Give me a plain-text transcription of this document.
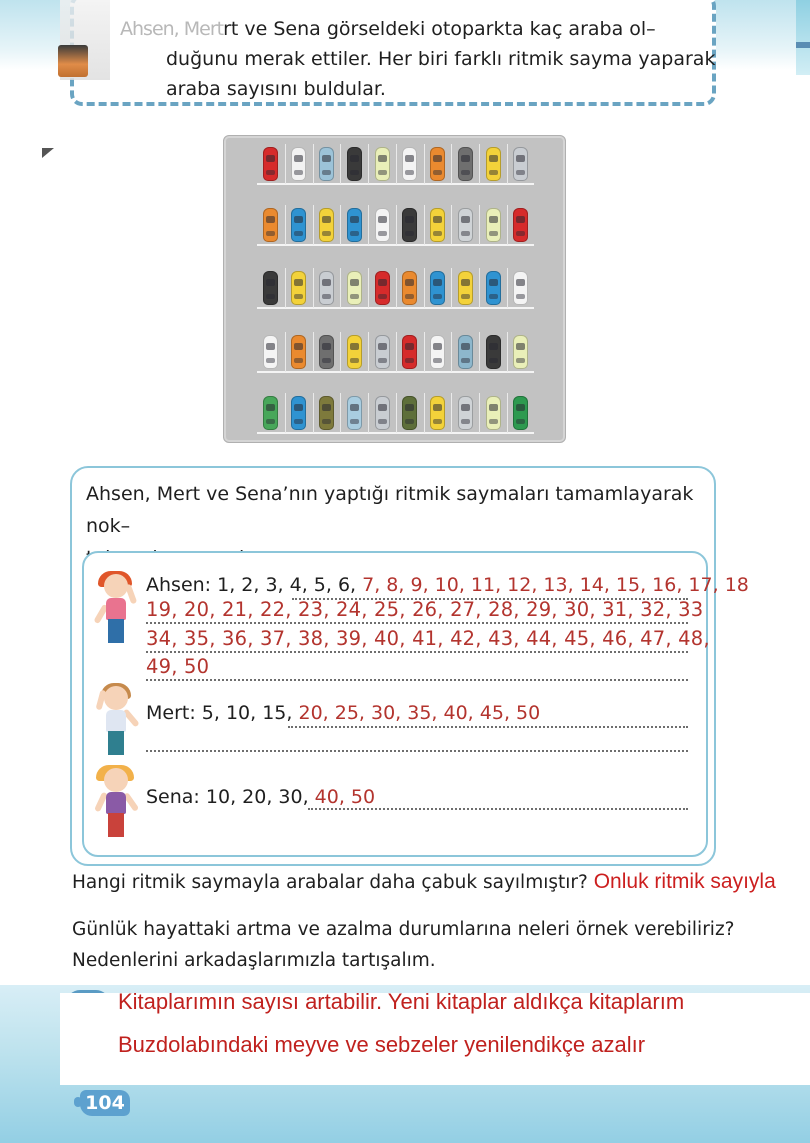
Ahsen, Mertrt ve Sena görseldeki otoparkta kaç araba ol–
duğunu merak ettiler. Her biri farklı ritmik sayma yaparak
araba sayısını buldular.
Ahsen, Mert ve Sena’nın yaptığı ritmik saymaları tamamlayarak nok–
Ahsen: 1, 2, 3, 4, 5, 6, 7, 8, 9, 10, 11, 12, 13, 14, 15, 16, 17, 18
19, 20, 21, 22, 23, 24, 25, 26, 27, 28, 29, 30, 31, 32, 33
34, 35, 36, 37, 38, 39, 40, 41, 42, 43, 44, 45, 46, 47, 48,
49, 50
Mert: 5, 10, 15, 20, 25, 30, 35, 40, 45, 50
Sena: 10, 20, 30, 40, 50
Hangi ritmik saymayla arabalar daha çabuk sayılmıştır? Onluk ritmik sayıyla
Günlük hayattaki artma ve azalma durumlarına neleri örnek verebiliriz?
Nedenlerini arkadaşlarımızla tartışalım.
Kitaplarımın sayısı artabilir. Yeni kitaplar aldıkça kitaplarım
Buzdolabındaki meyve ve sebzeler yenilendikçe azalır
104
